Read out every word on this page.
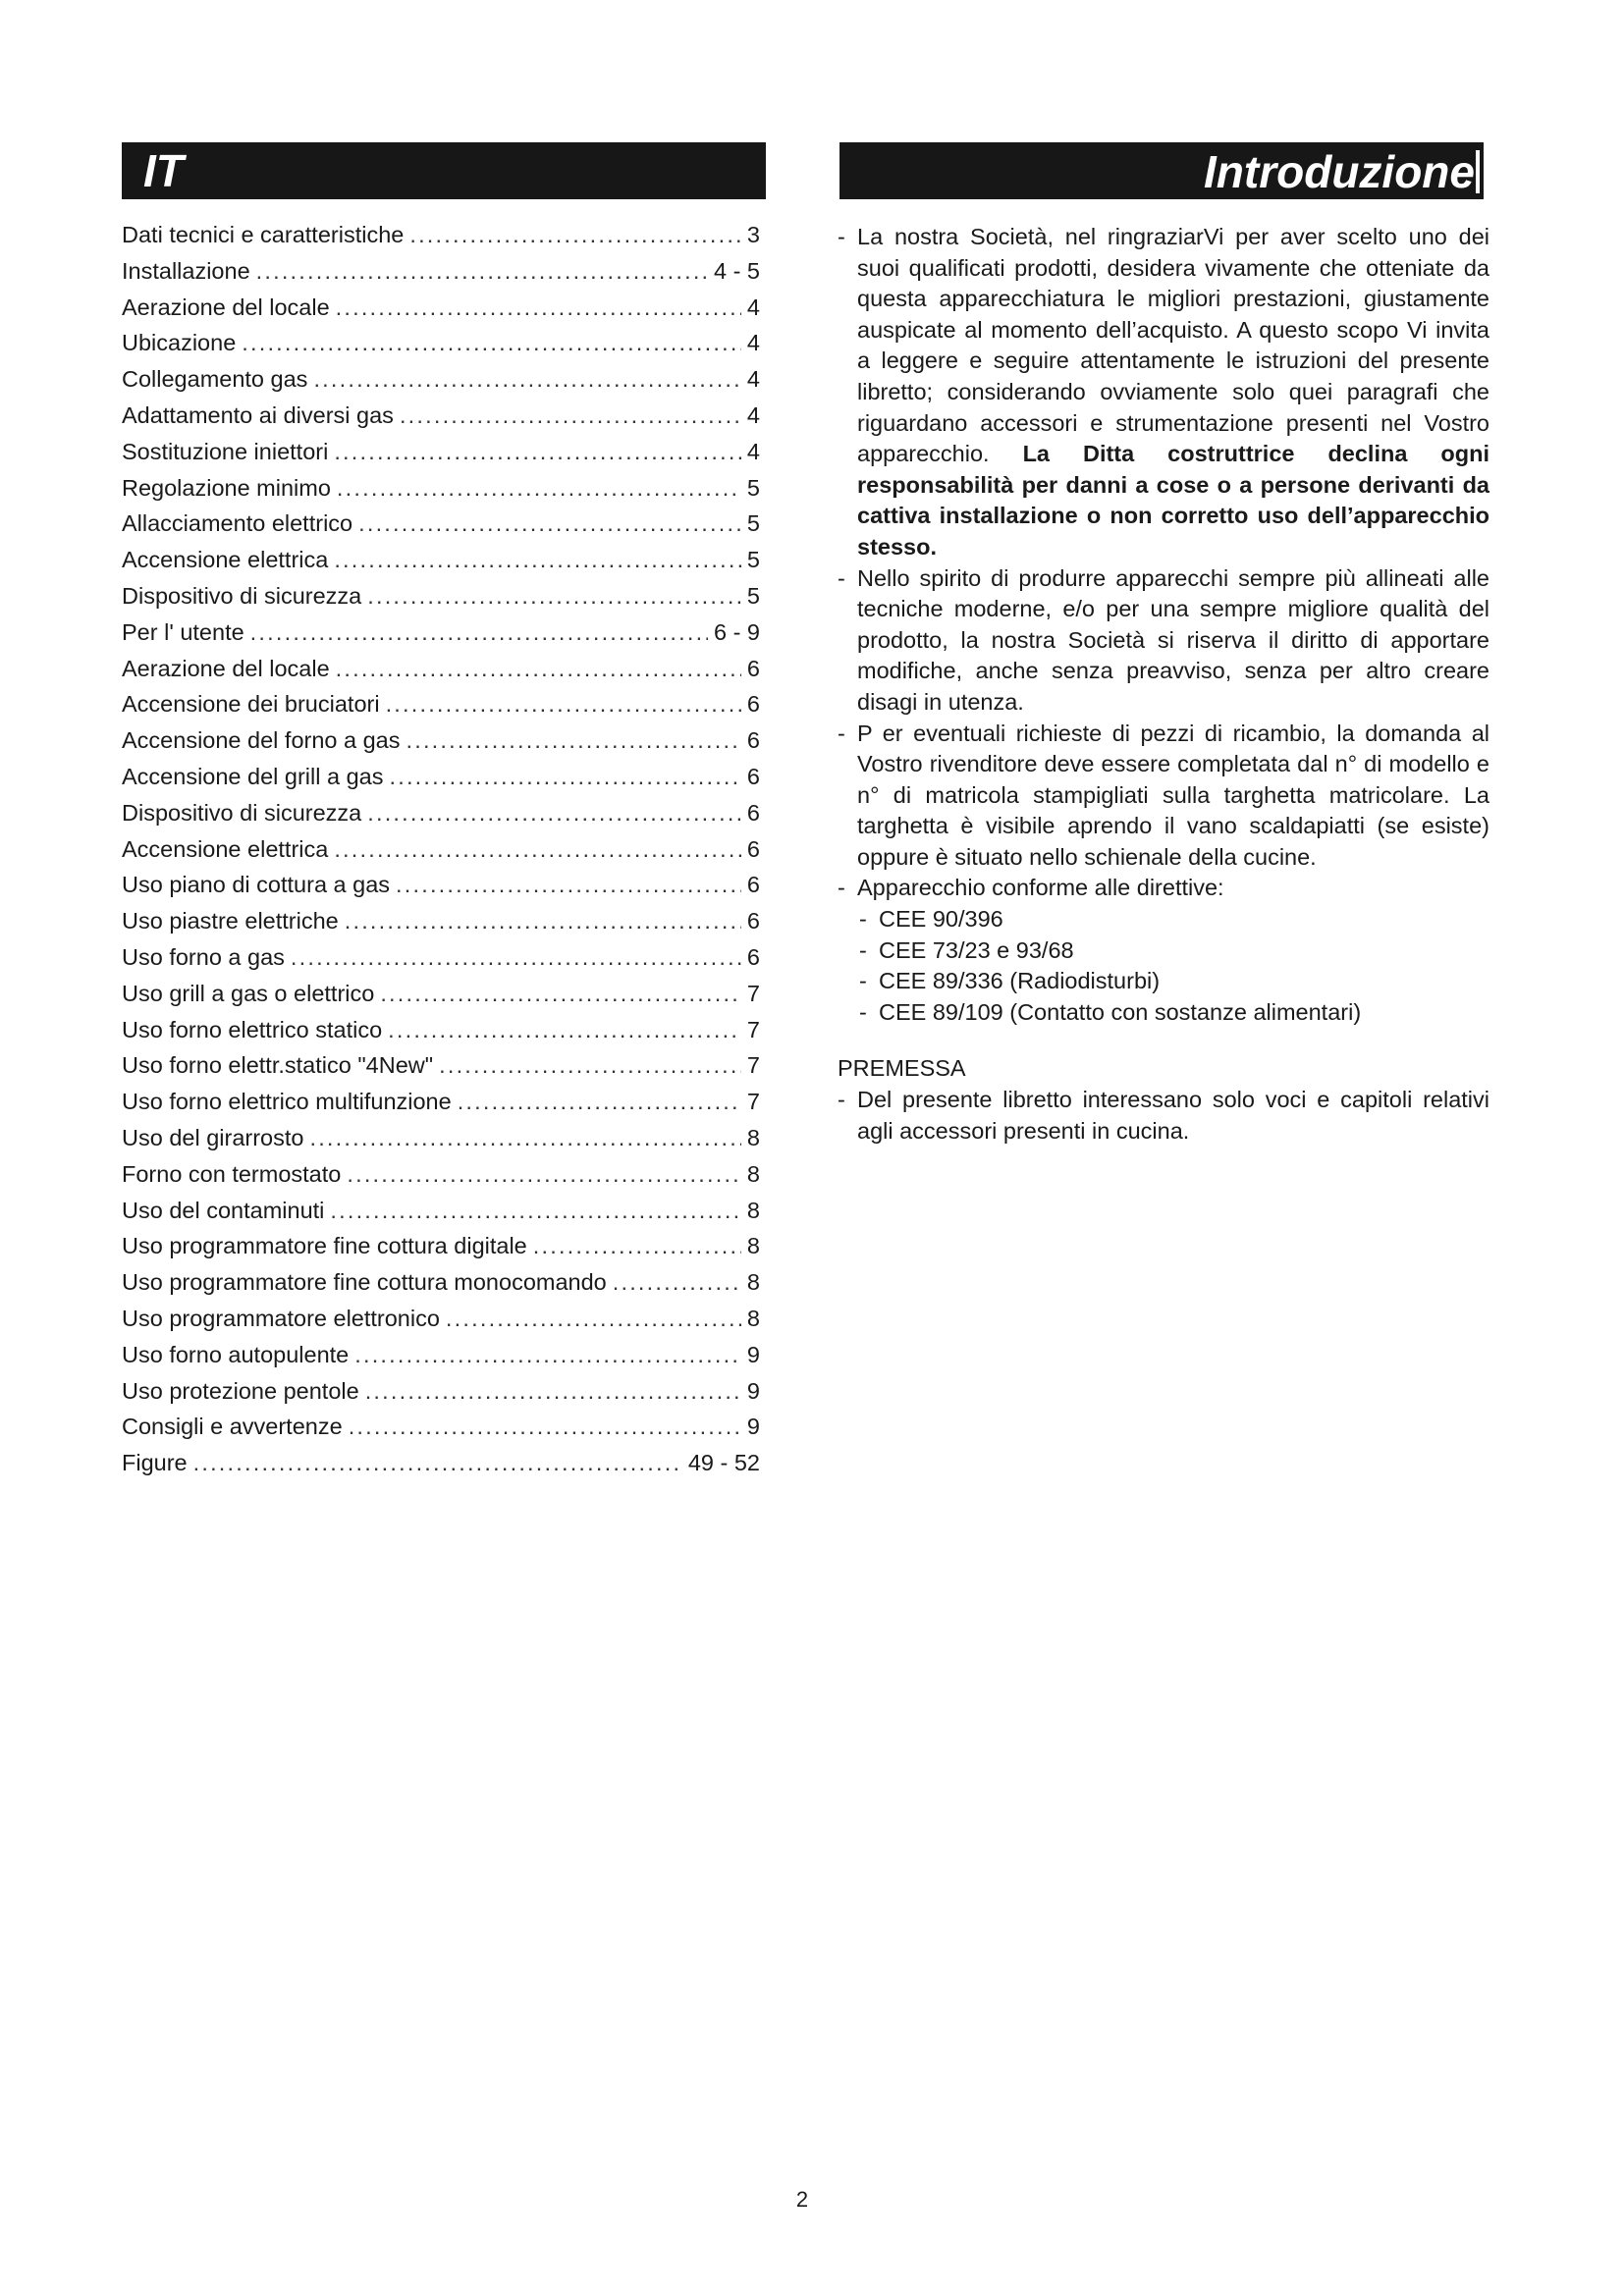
IT	Introduzione
Dati tecnici e caratteristiche .....	3
Installazione .....	4 - 5
Aerazione del locale .....	4
Ubicazione .....	4
Collegamento gas .....	4
Adattamento ai diversi gas .....	4
Sostituzione iniettori .....	4
Regolazione minimo .....	5
Allacciamento elettrico .....	5
Accensione elettrica .....	5
Dispositivo di sicurezza .....	5
Per l' utente .....	6 - 9
Aerazione del locale .....	6
Accensione dei bruciatori .....	6
Accensione del forno a gas .....	6
Accensione del grill a gas .....	6
Dispositivo di sicurezza .....	6
Accensione elettrica .....	6
Uso piano di cottura a gas .....	6
Uso piastre elettriche .....	6
Uso forno a gas .....	6
Uso grill a gas o elettrico .....	7
Uso forno elettrico statico .....	7
Uso forno elettr.statico "4New" .....	7
Uso forno elettrico multifunzione .....	7
Uso del girarrosto .....	8
Forno con termostato .....	8
Uso del contaminuti .....	8
Uso programmatore fine cottura digitale .....	8
Uso programmatore fine cottura monocomando .....	8
Uso programmatore elettronico .....	8
Uso forno autopulente .....	9
Uso protezione pentole .....	9
Consigli e avvertenze .....	9
Figure .....	49 - 52
- La nostra Società, nel ringraziarVi per aver scelto uno dei suoi qualificati prodotti, desidera vivamente che otteniate da questa apparecchiatura le migliori prestazioni, giustamente auspicate al momento dell’acquisto. A questo scopo Vi invita a leggere e seguire attentamente le istruzioni del presente libretto; considerando ovviamente solo quei paragrafi che riguardano accessori e strumentazione presenti nel Vostro apparecchio. La Ditta costruttrice declina ogni responsabilità per danni a cose o a persone derivanti da cattiva installazione o non corretto uso dell’apparecchio stesso.
- Nello spirito di produrre apparecchi sempre più allineati alle tecniche moderne, e/o per una sempre migliore qualità del prodotto, la nostra Società si riserva il diritto di apportare modifiche, anche senza preavviso, senza per altro creare disagi in utenza.
- P er eventuali richieste di pezzi di ricambio, la domanda al Vostro rivenditore deve essere completata dal n° di modello e n° di matricola stampigliati sulla targhetta matricolare. La targhetta è visibile aprendo il vano scaldapiatti (se esiste) oppure è situato nello schienale della cucine.
- Apparecchio conforme alle direttive:
- CEE 90/396
- CEE 73/23 e 93/68
- CEE 89/336 (Radiodisturbi)
- CEE 89/109 (Contatto con sostanze alimentari)
PREMESSA
- Del presente libretto interessano solo voci e capitoli relativi agli accessori presenti in cucina.
2
